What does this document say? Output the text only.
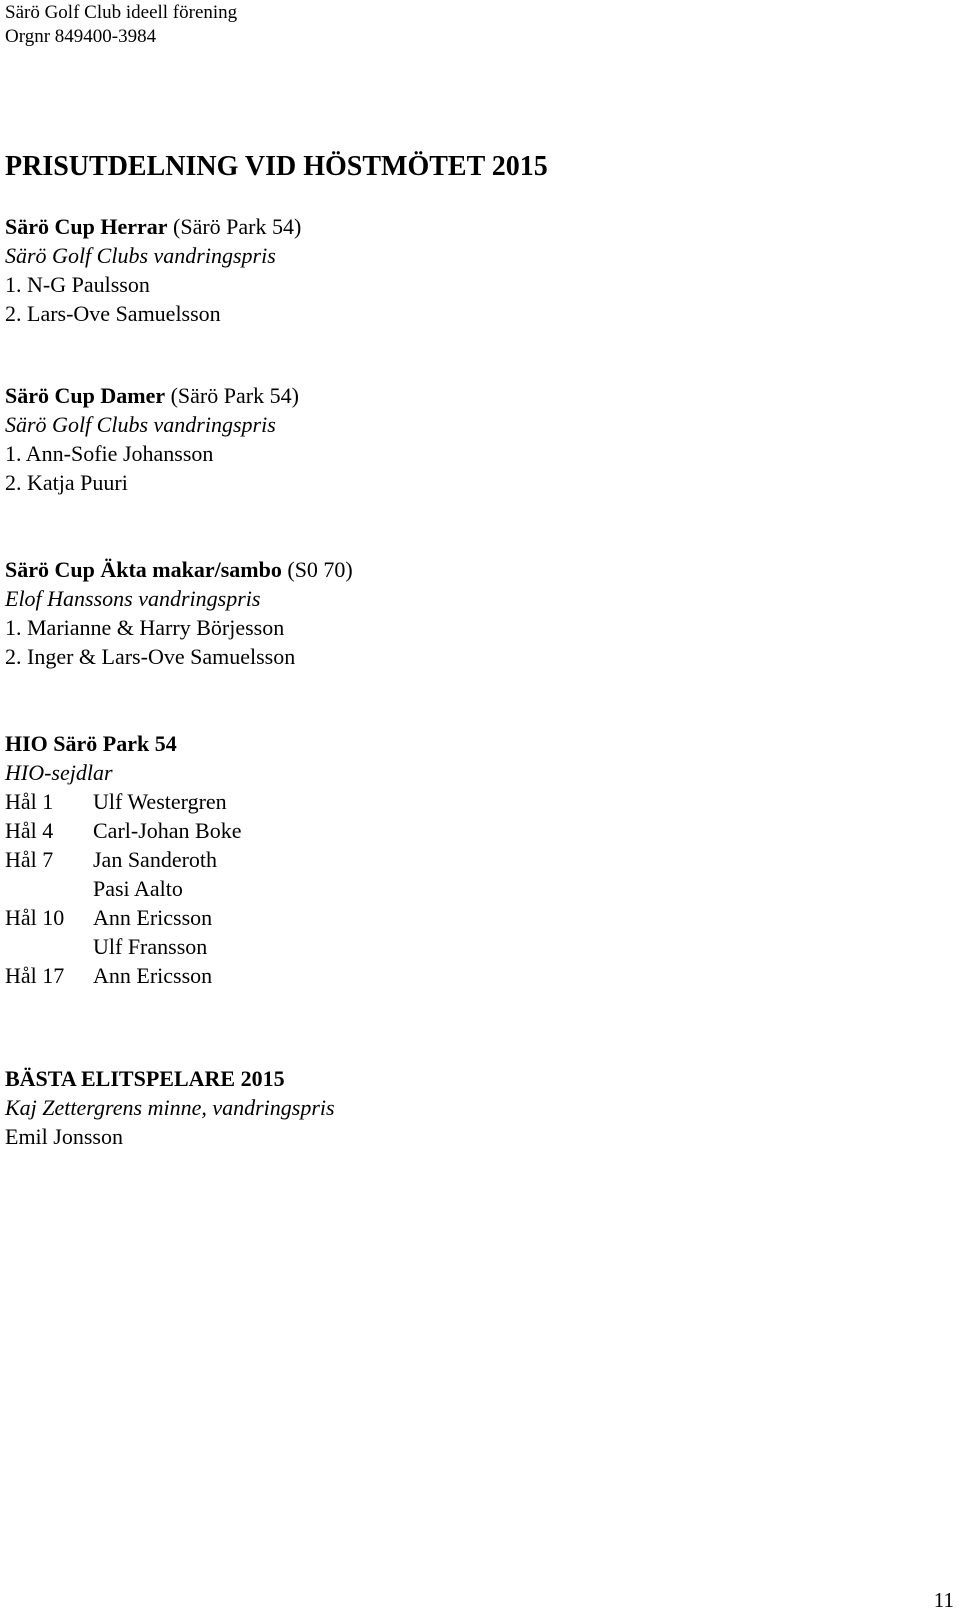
Särö Golf Club ideell förening
Orgnr 849400-3984
PRISUTDELNING VID HÖSTMÖTET 2015
Särö Cup Herrar (Särö Park 54)
Särö Golf Clubs vandringspris
1. N-G Paulsson
2. Lars-Ove Samuelsson
Särö Cup Damer (Särö Park 54)
Särö Golf Clubs vandringspris
1. Ann-Sofie Johansson
2. Katja Puuri
Särö Cup Äkta makar/sambo (S0 70)
Elof Hanssons vandringspris
1. Marianne & Harry Börjesson
2. Inger & Lars-Ove Samuelsson
HIO Särö Park 54
HIO-sejdlar
Hål 1 Ulf Westergren
Hål 4 Carl-Johan Boke
Hål 7 Jan Sanderoth
Pasi Aalto
Hål 10 Ann Ericsson
Ulf Fransson
Hål 17 Ann Ericsson
BÄSTA ELITSPELARE 2015
Kaj Zettergrens minne, vandringspris
Emil Jonsson
11
